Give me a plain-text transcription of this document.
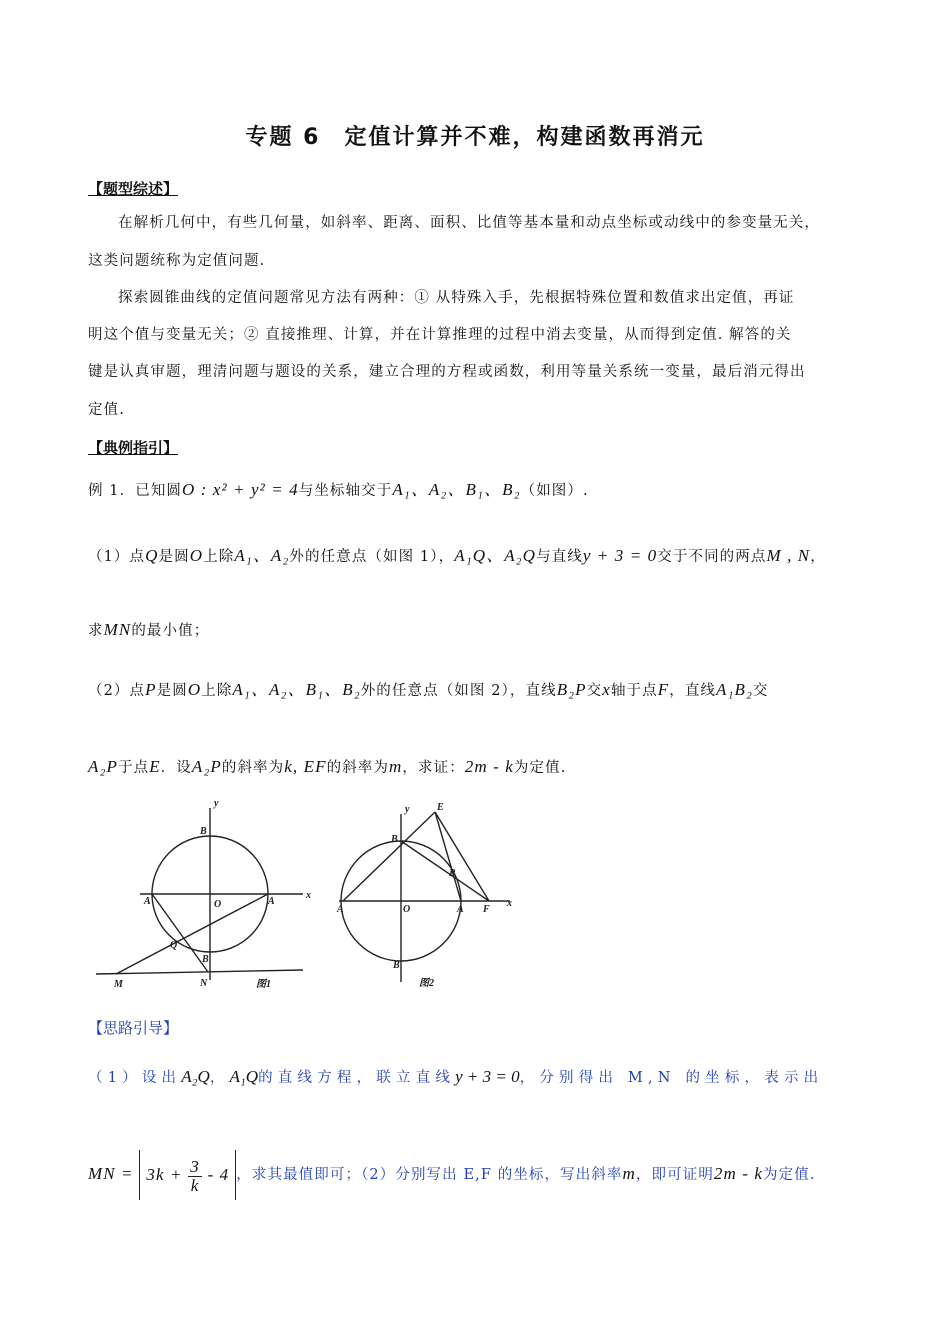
专题 6　定值计算并不难，构建函数再消元
【题型综述】
在解析几何中，有些几何量，如斜率、距离、面积、比值等基本量和动点坐标或动线中的参变量无关，
这类问题统称为定值问题.
探索圆锥曲线的定值问题常见方法有两种：① 从特殊入手，先根据特殊位置和数值求出定值，再证
明这个值与变量无关；② 直接推理、计算，并在计算推理的过程中消去变量，从而得到定值. 解答的关
键是认真审题，理清问题与题设的关系，建立合理的方程或函数，利用等量关系统一变量，最后消元得出
定值.
【典例指引】
例 1．已知圆O : x² + y² = 4与坐标轴交于A₁、A₂、B₁、B₂（如图）.
（1）点Q是圆O上除A₁、A₂外的任意点（如图 1），A₁Q、A₂Q与直线y + 3 = 0交于不同的两点M , N，
求MN的最小值；
（2）点P是圆O上除A₁、A₂、B₁、B₂外的任意点（如图 2），直线B₂P交x轴于点F，直线A₁B₂交
A₂P于点E．设A₂P的斜率为k, EF的斜率为m，求证：2m - k为定值.
y
x
B
A	O	A
Q
B
M	N	图1
y
x
E
B
P
A	O	A F
B
图2
【思路引导】
（1）设出A₂Q，A₁Q的直线方程，联立直线y + 3 = 0，分别得出 M,N 的坐标，表示出
MN = $3k + \frac{3}{k} - 4$ ，求其最值即可；（2）分别写出 E,F 的坐标，写出斜率m，即可证明2m - k为定值.
